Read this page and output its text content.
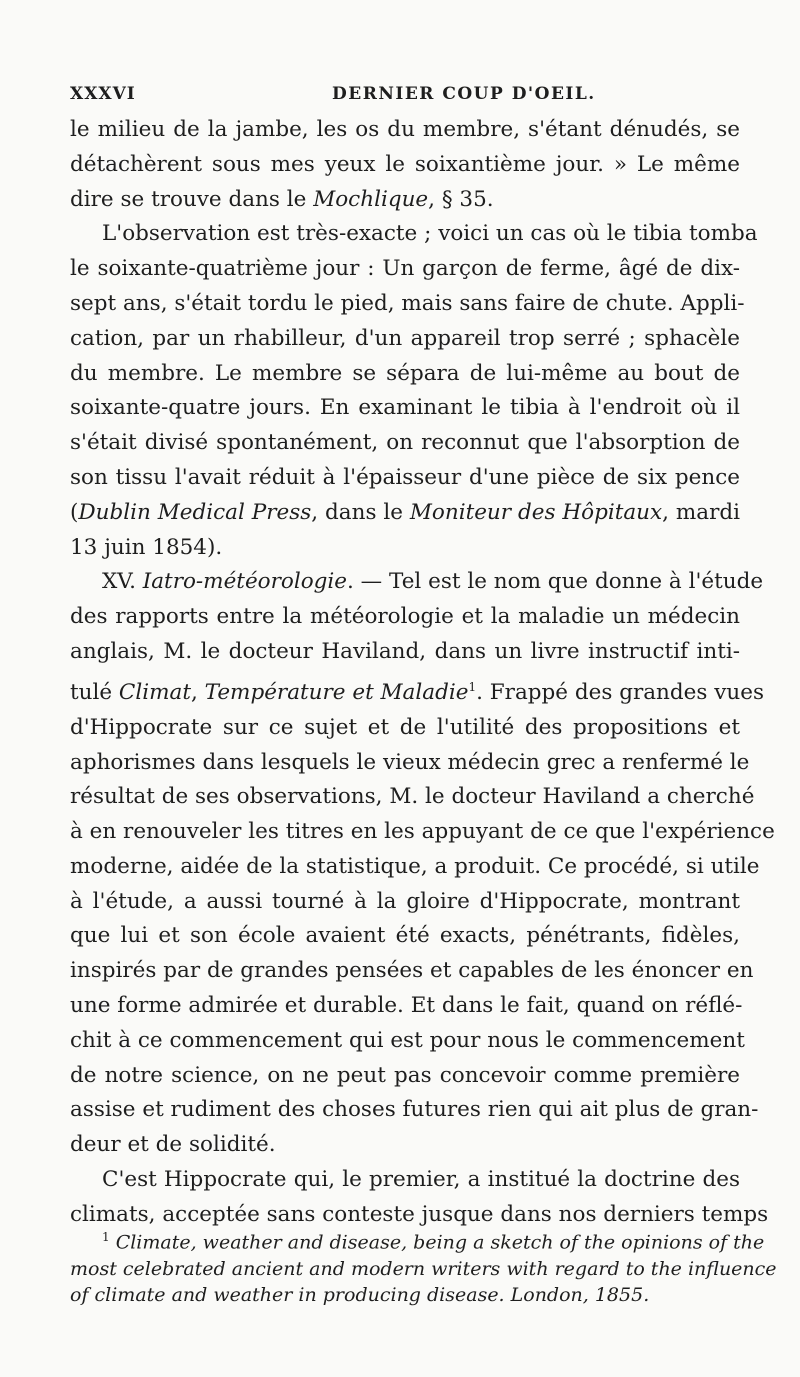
XXXVI	DERNIER COUP D'OEIL.

le milieu de la jambe, les os du membre, s'étant dénudés, se

détachèrent sous mes yeux le soixantième jour. » Le même

dire se trouve dans le Mochlique, § 35.

L'observation est très-exacte ; voici un cas où le tibia tomba

le soixante-quatrième jour : Un garçon de ferme, âgé de dix-

sept ans, s'était tordu le pied, mais sans faire de chute. Appli-

cation, par un rhabilleur, d'un appareil trop serré ; sphacèle

du membre. Le membre se sépara de lui-même au bout de

soixante-quatre jours. En examinant le tibia à l'endroit où il

s'était divisé spontanément, on reconnut que l'absorption de

son tissu l'avait réduit à l'épaisseur d'une pièce de six pence

(Dublin Medical Press, dans le Moniteur des Hôpitaux, mardi

13 juin 1854).

XV. Iatro-météorologie. — Tel est le nom que donne à l'étude

des rapports entre la météorologie et la maladie un médecin

anglais, M. le docteur Haviland, dans un livre instructif inti-

tulé Climat, Température et Maladie$^1$. Frappé des grandes vues

d'Hippocrate sur ce sujet et de l'utilité des propositions et

aphorismes dans lesquels le vieux médecin grec a renfermé le

résultat de ses observations, M. le docteur Haviland a cherché

à en renouveler les titres en les appuyant de ce que l'expérience

moderne, aidée de la statistique, a produit. Ce procédé, si utile

à l'étude, a aussi tourné à la gloire d'Hippocrate, montrant

que lui et son école avaient été exacts, pénétrants, fidèles,

inspirés par de grandes pensées et capables de les énoncer en

une forme admirée et durable. Et dans le fait, quand on réflé-

chit à ce commencement qui est pour nous le commencement

de notre science, on ne peut pas concevoir comme première

assise et rudiment des choses futures rien qui ait plus de gran-

deur et de solidité.

C'est Hippocrate qui, le premier, a institué la doctrine des

climats, acceptée sans conteste jusque dans nos derniers temps

$^1$ Climate, weather and disease, being a sketch of the opinions of the

most celebrated ancient and modern writers with regard to the influence

of climate and weather in producing disease. London, 1855.
